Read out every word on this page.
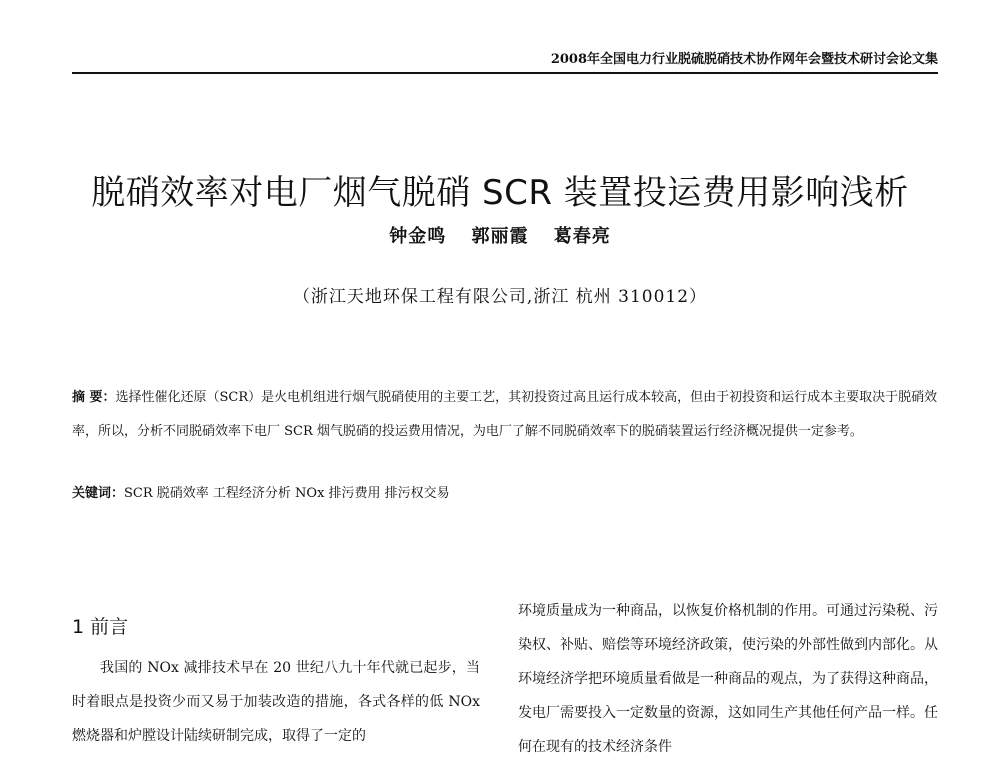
2008年全国电力行业脱硫脱硝技术协作网年会暨技术研讨会论文集
脱硝效率对电厂烟气脱硝 SCR 装置投运费用影响浅析
钟金鸣 郭丽霞 葛春亮
（浙江天地环保工程有限公司,浙江 杭州 310012）

摘 要：选择性催化还原（SCR）是火电机组进行烟气脱硝使用的主要工艺，其初投资过高且运行成本较高，但由于初投资和运行成本主要取决于脱硝效率，所以，分析不同脱硝效率下电厂 SCR 烟气脱硝的投运费用情况，为电厂了解不同脱硝效率下的脱硝装置运行经济概况提供一定参考。

关键词：SCR 脱硝效率 工程经济分析 NOx 排污费用 排污权交易

1 前言

我国的 NOx 减排技术早在 20 世纪八九十年代就已起步，当时着眼点是投资少而又易于加装改造的措施，各式各样的低 NOx 燃烧器和炉膛设计陆续研制完成，取得了一定的

环境质量成为一种商品，以恢复价格机制的作用。可通过污染税、污染权、补贴、赔偿等环境经济政策，使污染的外部性做到内部化。从环境经济学把环境质量看做是一种商品的观点，为了获得这种商品，发电厂需要投入一定数量的资源，这如同生产其他任何产品一样。任何在现有的技术经济条件
